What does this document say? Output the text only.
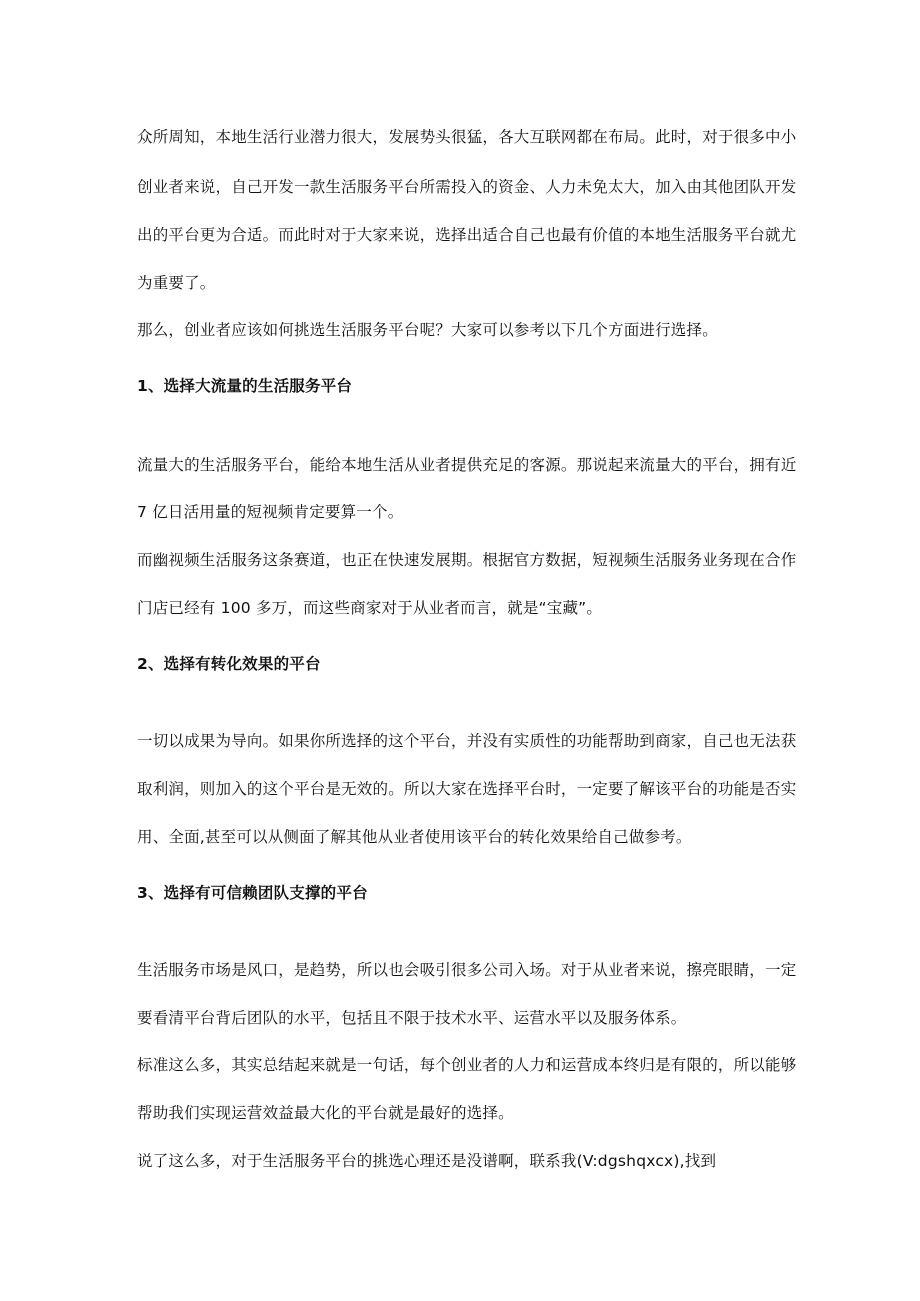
众所周知，本地生活行业潜力很大，发展势头很猛，各大互联网都在布局。此时，对于很多中小
创业者来说，自己开发一款生活服务平台所需投入的资金、人力未免太大，加入由其他团队开发
出的平台更为合适。而此时对于大家来说，选择出适合自己也最有价值的本地生活服务平台就尤
为重要了。
那么，创业者应该如何挑选生活服务平台呢？大家可以参考以下几个方面进行选择。
1、选择大流量的生活服务平台
流量大的生活服务平台，能给本地生活从业者提供充足的客源。那说起来流量大的平台，拥有近
7 亿日活用量的短视频肯定要算一个。
而幽视频生活服务这条赛道，也正在快速发展期。根据官方数据，短视频生活服务业务现在合作
门店已经有 100 多万，而这些商家对于从业者而言，就是“宝藏”。
2、选择有转化效果的平台
一切以成果为导向。如果你所选择的这个平台，并没有实质性的功能帮助到商家，自己也无法获
取利润，则加入的这个平台是无效的。所以大家在选择平台时，一定要了解该平台的功能是否实
用、全面,甚至可以从侧面了解其他从业者使用该平台的转化效果给自己做参考。
3、选择有可信赖团队支撑的平台
生活服务市场是风口，是趋势，所以也会吸引很多公司入场。对于从业者来说，擦亮眼睛，一定
要看清平台背后团队的水平，包括且不限于技术水平、运营水平以及服务体系。
标准这么多，其实总结起来就是一句话，每个创业者的人力和运营成本终归是有限的，所以能够
帮助我们实现运营效益最大化的平台就是最好的选择。
说了这么多，对于生活服务平台的挑选心理还是没谱啊，联系我(V:dgshqxcx),找到
